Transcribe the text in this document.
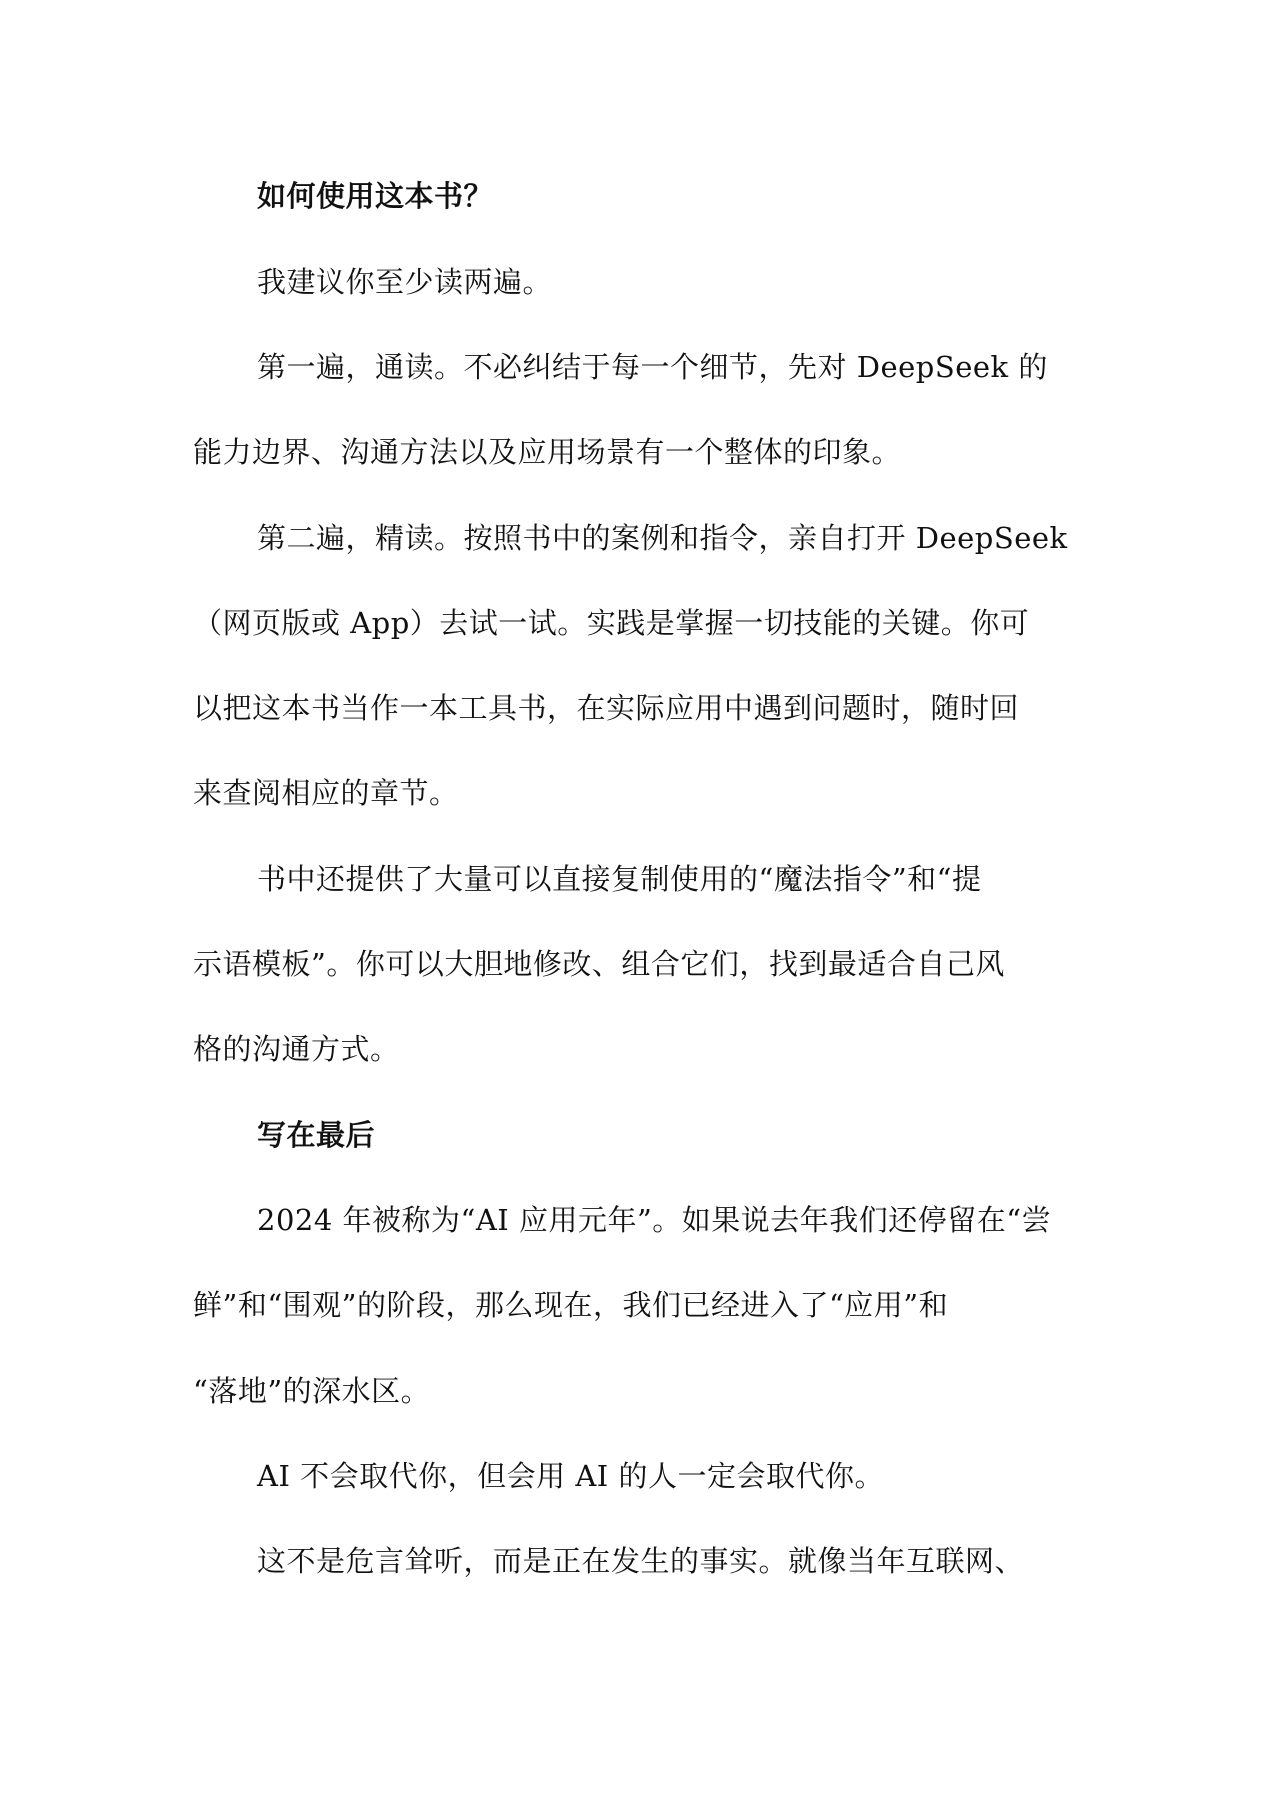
如何使用这本书？
我建议你至少读两遍。
第一遍，通读。不必纠结于每一个细节，先对 DeepSeek 的
能力边界、沟通方法以及应用场景有一个整体的印象。
第二遍，精读。按照书中的案例和指令，亲自打开 DeepSeek
（网页版或 App）去试一试。实践是掌握一切技能的关键。你可
以把这本书当作一本工具书，在实际应用中遇到问题时，随时回
来查阅相应的章节。
书中还提供了大量可以直接复制使用的“魔法指令”和“提
示语模板”。你可以大胆地修改、组合它们，找到最适合自己风
格的沟通方式。
写在最后
2024 年被称为“AI 应用元年”。如果说去年我们还停留在“尝
鲜”和“围观”的阶段，那么现在，我们已经进入了“应用”和
“落地”的深水区。
AI 不会取代你，但会用 AI 的人一定会取代你。
这不是危言耸听，而是正在发生的事实。就像当年互联网、
